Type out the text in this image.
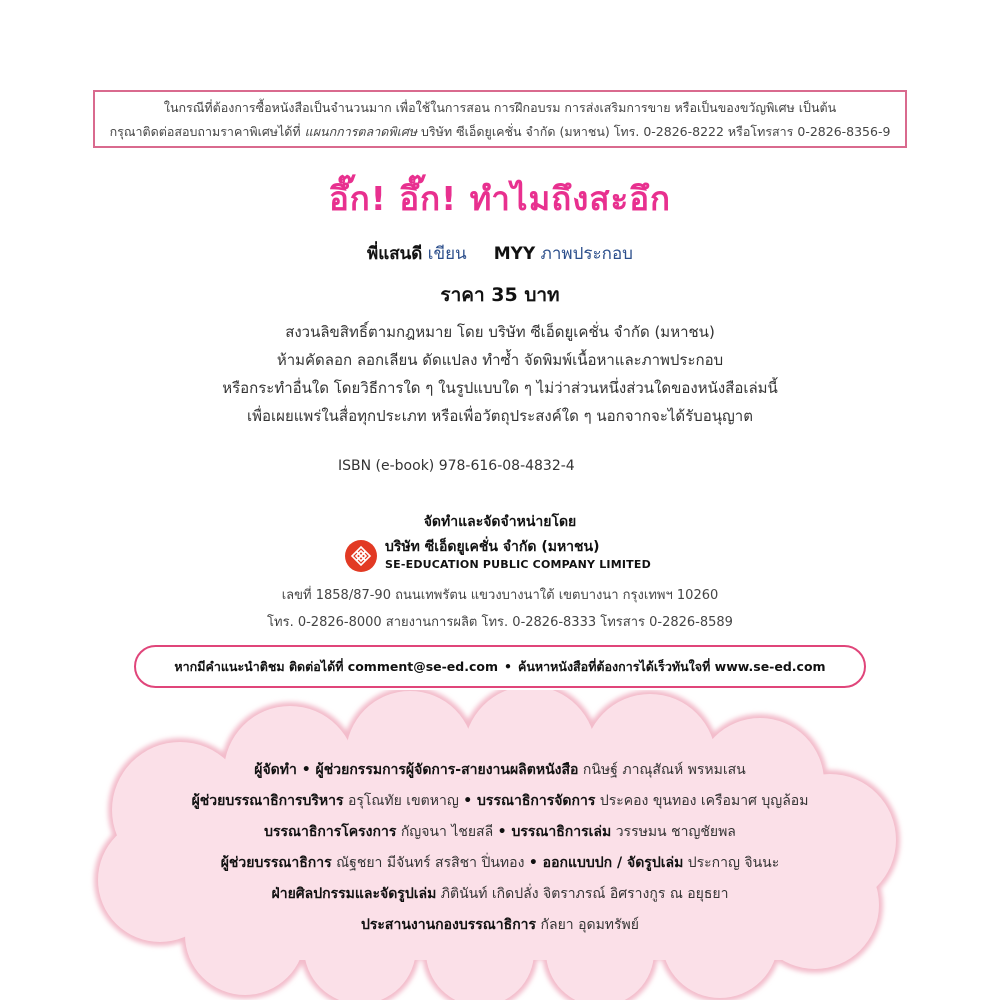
ในกรณีที่ต้องการซื้อหนังสือเป็นจำนวนมาก เพื่อใช้ในการสอน การฝึกอบรม การส่งเสริมการขาย หรือเป็นของขวัญพิเศษ เป็นต้น

กรุณาติดต่อสอบถามราคาพิเศษได้ที่ แผนกการตลาดพิเศษ บริษัท ซีเอ็ดยูเคชั่น จำกัด (มหาชน) โทร. 0-2826-8222 หรือโทรสาร 0-2826-8356-9

อึ๊ก! อึ๊ก! ทำไมถึงสะอึก
พี่แสนดี เขียน MYY ภาพประกอบ
ราคา 35 บาท

สงวนลิขสิทธิ์ตามกฎหมาย โดย บริษัท ซีเอ็ดยูเคชั่น จำกัด (มหาชน)

ห้ามคัดลอก ลอกเลียน ดัดแปลง ทำซ้ำ จัดพิมพ์เนื้อหาและภาพประกอบ

หรือกระทำอื่นใด โดยวิธีการใด ๆ ในรูปแบบใด ๆ ไม่ว่าส่วนหนึ่งส่วนใดของหนังสือเล่มนี้

เพื่อเผยแพร่ในสื่อทุกประเภท หรือเพื่อวัตถุประสงค์ใด ๆ นอกจากจะได้รับอนุญาต

ISBN (e-book) 978-616-08-4832-4
จัดทำและจัดจำหน่ายโดย
บริษัท ซีเอ็ดยูเคชั่น จำกัด (มหาชน)
SE-EDUCATION PUBLIC COMPANY LIMITED

เลขที่ 1858/87-90 ถนนเทพรัตน แขวงบางนาใต้ เขตบางนา กรุงเทพฯ 10260

โทร. 0-2826-8000 สายงานการผลิต โทร. 0-2826-8333 โทรสาร 0-2826-8589

หากมีคำแนะนำติชม ติดต่อได้ที่ comment@se-ed.com • ค้นหาหนังสือที่ต้องการได้เร็วทันใจที่ www.se-ed.com

ผู้จัดทำ • ผู้ช่วยกรรมการผู้จัดการ-สายงานผลิตหนังสือ กนิษฐ์ ภาณุสัณห์ พรหมเสน

ผู้ช่วยบรรณาธิการบริหาร อรุโณทัย เขตหาญ • บรรณาธิการจัดการ ประคอง ขุนทอง เครือมาศ บุญล้อม

บรรณาธิการโครงการ กัญจนา ไชยสลี • บรรณาธิการเล่ม วรรษมน ชาญชัยพล

ผู้ช่วยบรรณาธิการ ณัฐชยา มีจันทร์ สรสิชา ปิ่นทอง • ออกแบบปก / จัดรูปเล่ม ประกาญ จินนะ

ฝ่ายศิลปกรรมและจัดรูปเล่ม ภิตินันท์ เกิดปลั่ง จิตราภรณ์ อิศรางกูร ณ อยุธยา

ประสานงานกองบรรณาธิการ กัลยา อุดมทรัพย์
